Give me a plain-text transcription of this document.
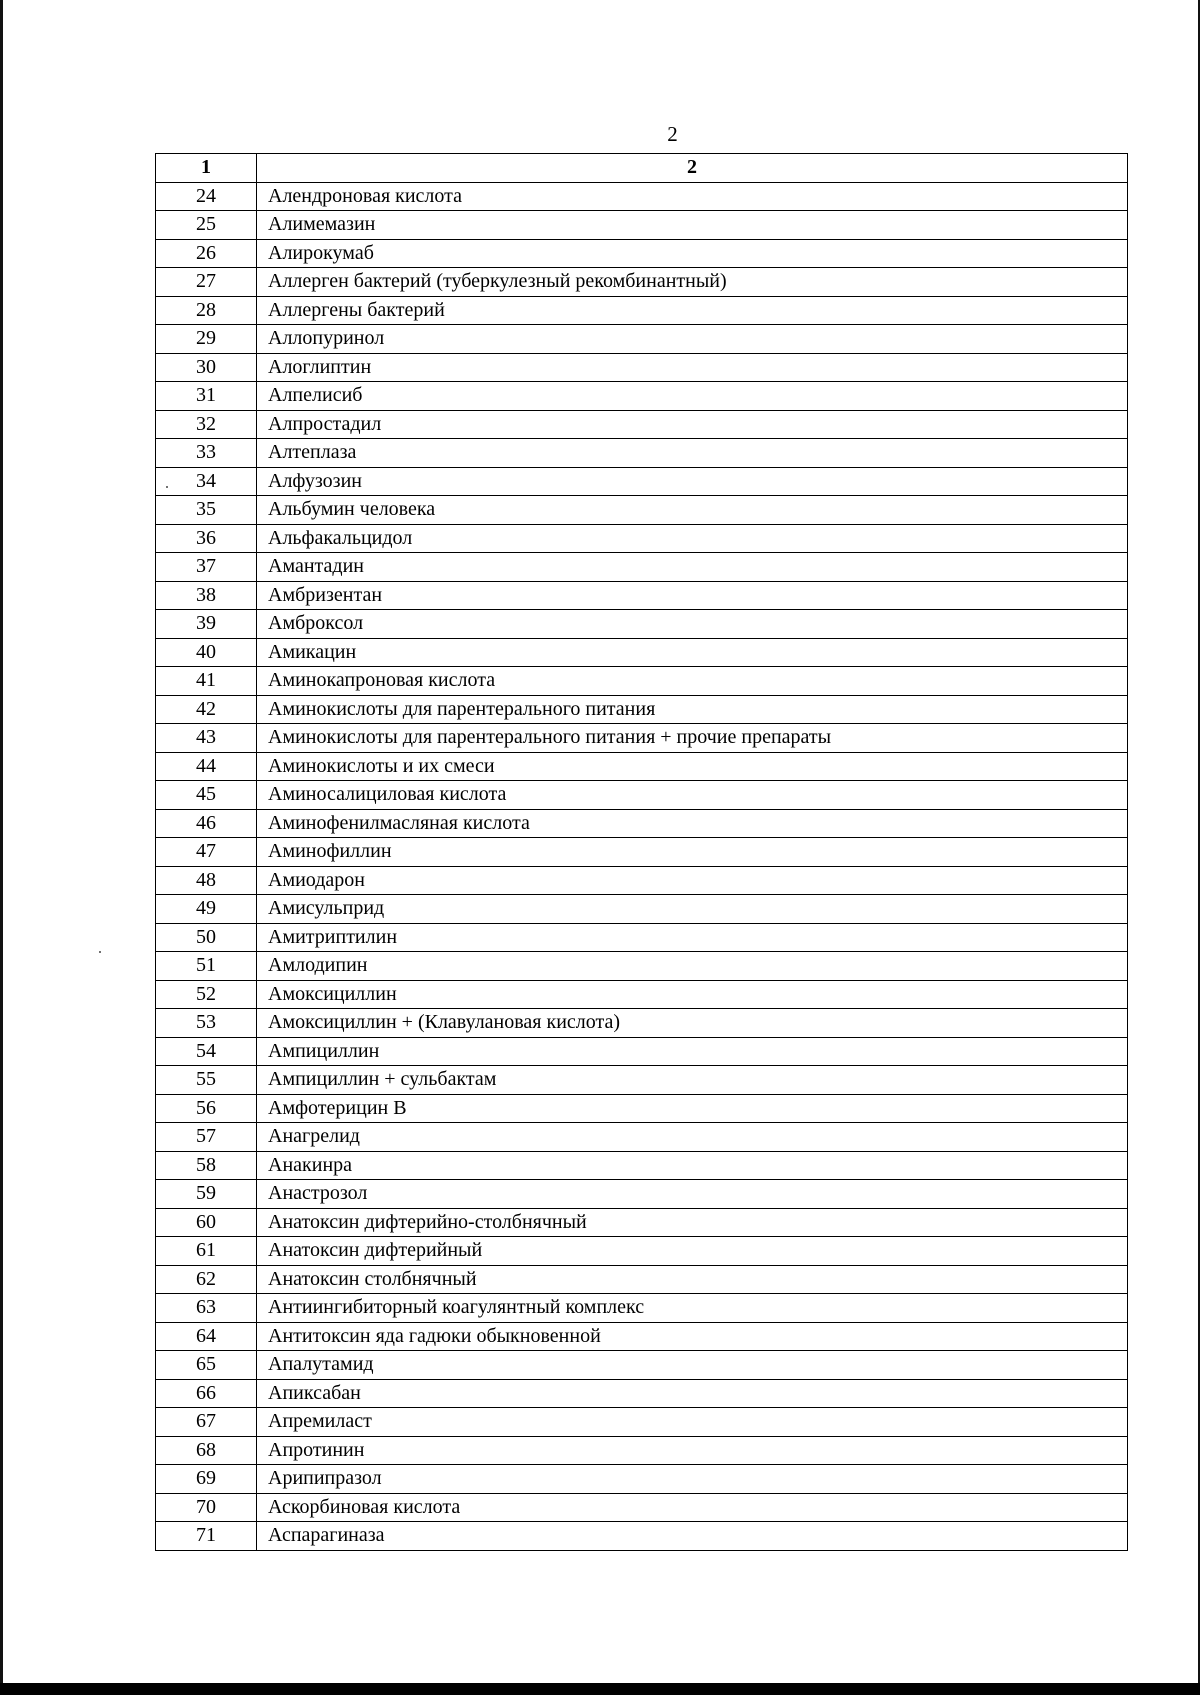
2
1	2
24	Алендроновая кислота
25	Алимемазин
26	Алирокумаб
27	Аллерген бактерий (туберкулезный рекомбинантный)
28	Аллергены бактерий
29	Аллопуринол
30	Алоглиптин
31	Алпелисиб
32	Алпростадил
33	Алтеплаза
34	Алфузозин
35	Альбумин человека
36	Альфакальцидол
37	Амантадин
38	Амбризентан
39	Амброксол
40	Амикацин
41	Аминокапроновая кислота
42	Аминокислоты для парентерального питания
43	Аминокислоты для парентерального питания + прочие препараты
44	Аминокислоты и их смеси
45	Аминосалициловая кислота
46	Аминофенилмасляная кислота
47	Аминофиллин
48	Амиодарон
49	Амисульприд
50	Амитриптилин
51	Амлодипин
52	Амоксициллин
53	Амоксициллин + (Клавулановая кислота)
54	Ампициллин
55	Ампициллин + сульбактам
56	Амфотерицин В
57	Анагрелид
58	Анакинра
59	Анастрозол
60	Анатоксин дифтерийно-столбнячный
61	Анатоксин дифтерийный
62	Анатоксин столбнячный
63	Антиингибиторный коагулянтный комплекс
64	Антитоксин яда гадюки обыкновенной
65	Апалутамид
66	Апиксабан
67	Апремиласт
68	Апротинин
69	Арипипразол
70	Аскорбиновая кислота
71	Аспарагиназа
